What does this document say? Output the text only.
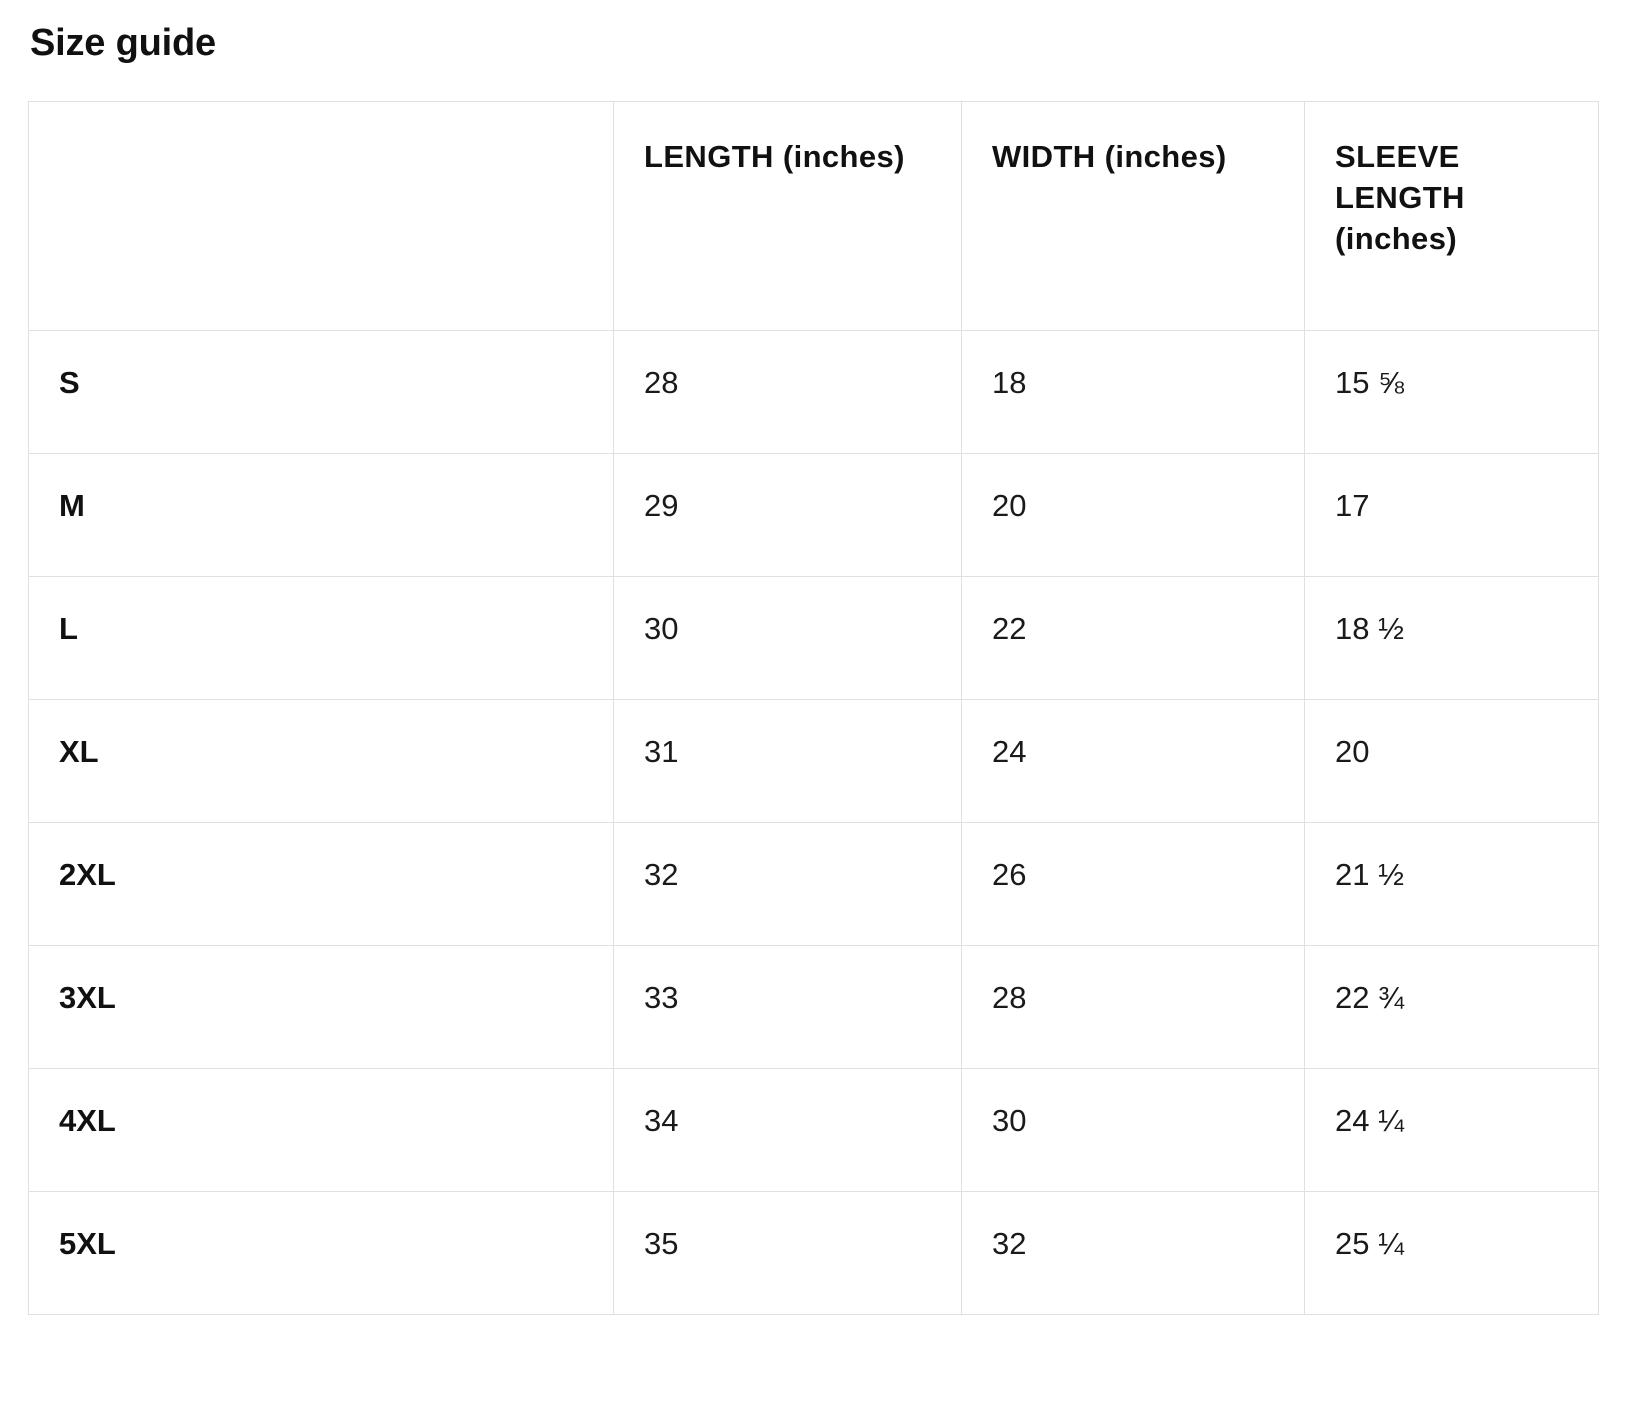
Size guide
	LENGTH (inches)	WIDTH (inches)	SLEEVE LENGTH (inches)
S	28	18	15 ⅝
M	29	20	17
L	30	22	18 ½
XL	31	24	20
2XL	32	26	21 ½
3XL	33	28	22 ¾
4XL	34	30	24 ¼
5XL	35	32	25 ¼
